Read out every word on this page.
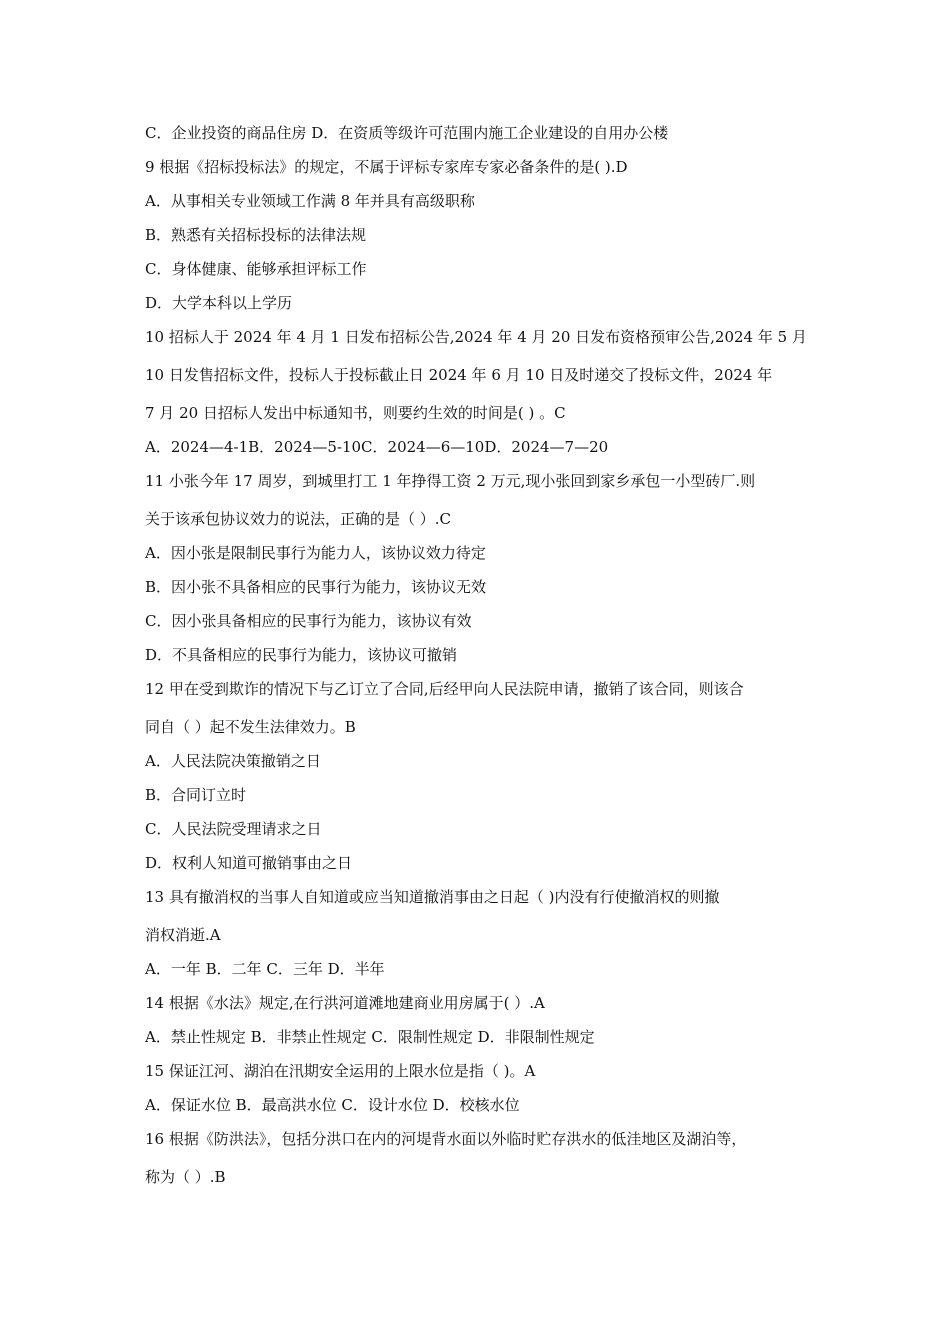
C．企业投资的商品住房 D．在资质等级许可范围内施工企业建设的自用办公楼

9 根据《招标投标法》的规定，不属于评标专家库专家必备条件的是( ).D

A．从事相关专业领域工作满 8 年并具有高级职称

B．熟悉有关招标投标的法律法规

C．身体健康、能够承担评标工作

D．大学本科以上学历

10 招标人于 2024 年 4 月 1 日发布招标公告,2024 年 4 月 20 日发布资格预审公告,2024 年 5 月

10 日发售招标文件，投标人于投标截止日 2024 年 6 月 10 日及时递交了投标文件，2024 年

7 月 20 日招标人发出中标通知书，则要约生效的时间是( ) 。C

A．2024—4-1B．2024—5-10C．2024—6—10D．2024—7—20

11 小张今年 17 周岁，到城里打工 1 年挣得工资 2 万元,现小张回到家乡承包一小型砖厂.则

关于该承包协议效力的说法，正确的是（ ）.C

A．因小张是限制民事行为能力人，该协议效力待定

B．因小张不具备相应的民事行为能力，该协议无效

C．因小张具备相应的民事行为能力，该协议有效

D．不具备相应的民事行为能力，该协议可撤销

12 甲在受到欺诈的情况下与乙订立了合同,后经甲向人民法院申请，撤销了该合同，则该合

同自（ ）起不发生法律效力。B

A．人民法院决策撤销之日

B．合同订立时

C．人民法院受理请求之日

D．权利人知道可撤销事由之日

13 具有撤消权的当事人自知道或应当知道撤消事由之日起（ )内没有行使撤消权的则撤

消权消逝.A

A．一年 B．二年 C．三年 D．半年

14 根据《水法》规定,在行洪河道滩地建商业用房属于( ）.A

A．禁止性规定 B．非禁止性规定 C．限制性规定 D．非限制性规定

15 保证江河、湖泊在汛期安全运用的上限水位是指（ )。A

A．保证水位 B．最高洪水位 C．设计水位 D．校核水位

16 根据《防洪法》，包括分洪口在内的河堤背水面以外临时贮存洪水的低洼地区及湖泊等，

称为（ ）.B
